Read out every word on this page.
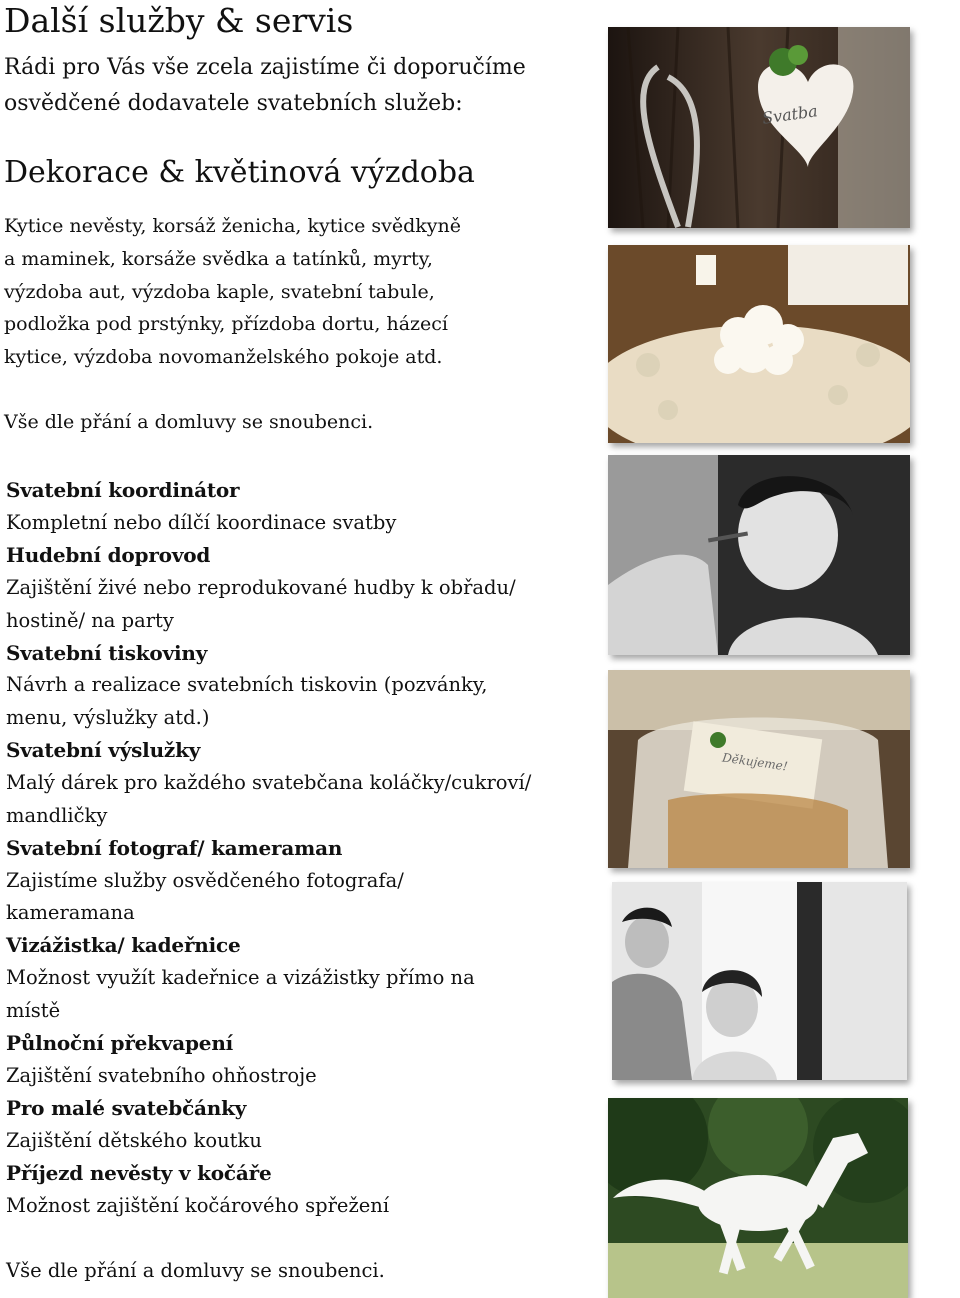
Další služby & servis

Rádi pro Vás vše zcela zajistíme či doporučíme

osvědčené dodavatele svatebních služeb:

Dekorace & květinová výzdoba

Kytice nevěsty, korsáž ženicha, kytice svědkyně

a maminek, korsáže svědka a tatínků, myrty,

výzdoba aut, výzdoba kaple, svatební tabule,

podložka pod prstýnky, přízdoba dortu, házecí

kytice, výzdoba novomanželského pokoje atd.

Vše dle přání a domluvy se snoubenci.

Svatební koordinátor

Kompletní nebo dílčí koordinace svatby

Hudební doprovod

Zajištění živé nebo reprodukované hudby k obřadu/

hostině/ na party

Svatební tiskoviny

Návrh a realizace svatebních tiskovin (pozvánky,

menu, výslužky atd.)

Svatební výslužky

Malý dárek pro každého svatebčana koláčky/cukroví/

mandličky

Svatební fotograf/ kameraman

Zajistíme služby osvědčeného fotografa/

kameramana

Vizážistka/ kadeřnice

Možnost využít kadeřnice a vizážistky přímo na

místě

Půlnoční překvapení

Zajištění svatebního ohňostroje

Pro malé svatebčánky

Zajištění dětského koutku

Příjezd nevěsty v kočáře

Možnost zajištění kočárového spřežení

Vše dle přání a domluvy se snoubenci.

Svatba
Děkujeme!
